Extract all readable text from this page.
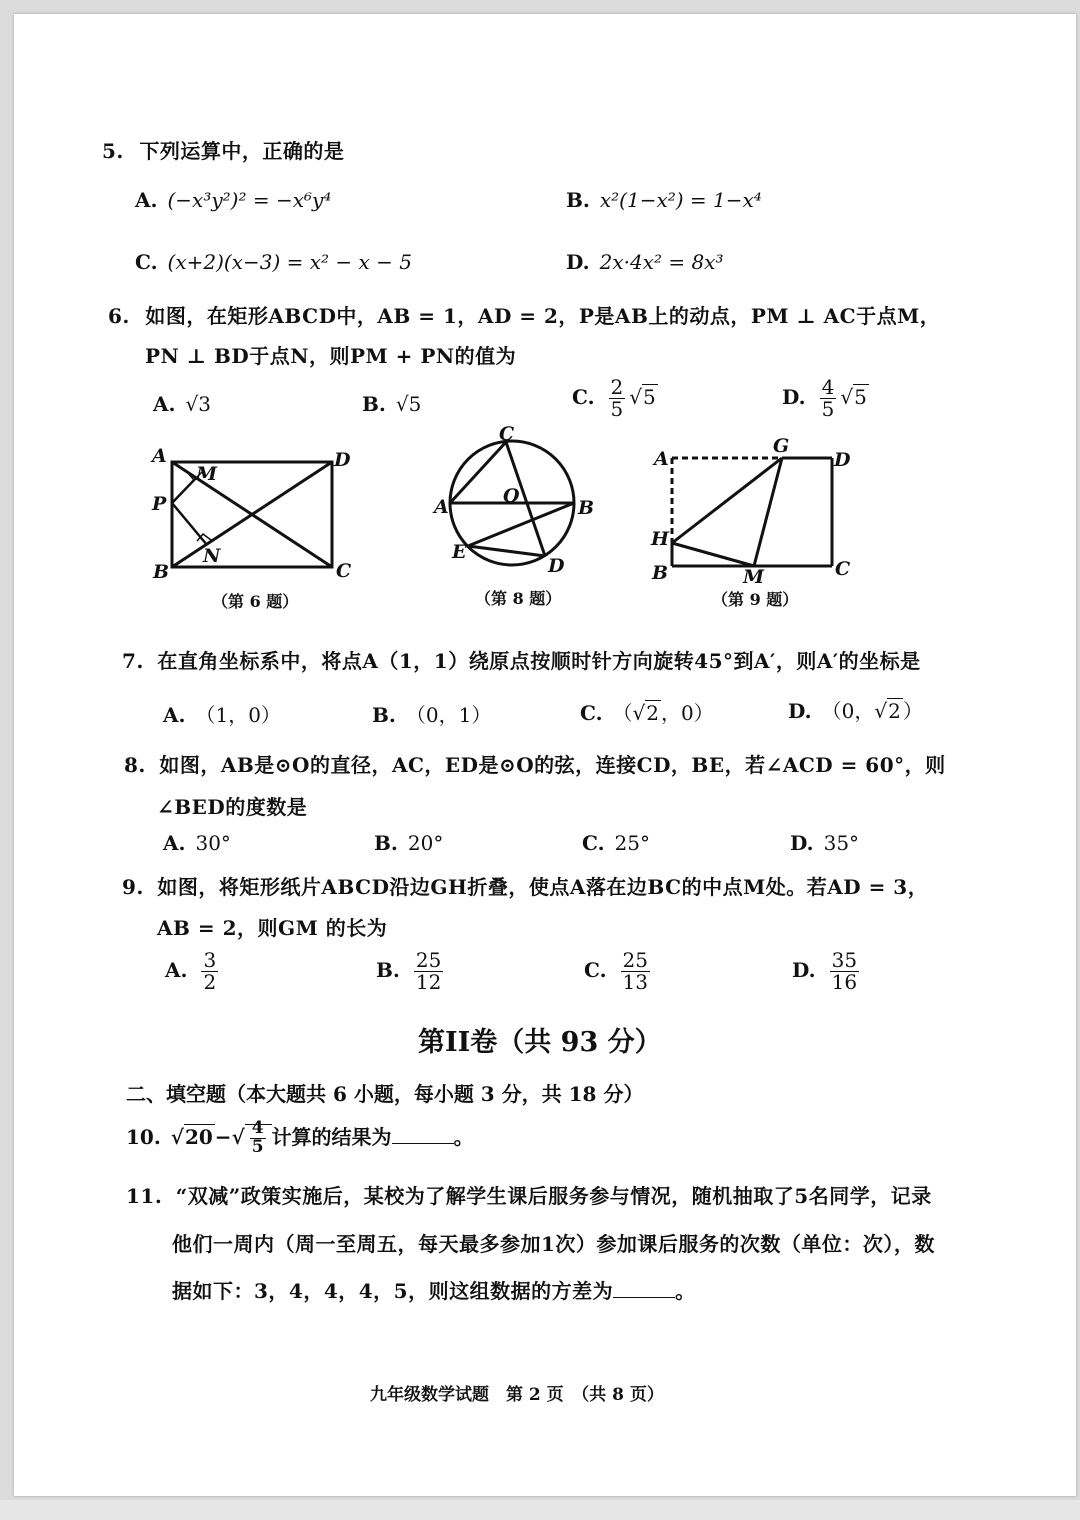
5. 下列运算中，正确的是
A. (−x³y²)² = −x⁶y⁴	B. x²(1−x²) = 1−x⁴
C. (x+2)(x−3) = x² − x − 5	D. 2x·4x² = 8x³
6. 如图，在矩形ABCD中，AB = 1，AD = 2，P是AB上的动点，PM ⊥ AC于点M，
PN ⊥ BD于点N，则PM + PN的值为
A. √3	B. √5	C. $\frac{2}{5} √5$	D. $\frac{4}{5} √5$
A
B	C
D
P
M
N
C
A	B
O
E
D
A
G
D
H
B	M	C
（第 6 题）	（第 8 题）	（第 9 题）
7. 在直角坐标系中，将点A（1，1）绕原点按顺时针方向旋转45°到A′，则A′的坐标是
A. （1，0）	B. （0，1）	C. （√2 ，0）	D. （0，√2 ）
8. 如图，AB是⊙O的直径，AC，ED是⊙O的弦，连接CD，BE，若∠ACD = 60°，则
∠BED的度数是
A. 30°	B. 20°	C. 25°	D. 35°
9. 如图，将矩形纸片ABCD沿边GH折叠，使点A落在边BC的中点M处。若AD = 3，
AB = 2，则GM 的长为
A. $\frac{3}{2}$	B. $\frac{25}{12}$	C. $\frac{25}{13}$	D. $\frac{35}{16}$
第II卷（共 93 分）
二、填空题（本大题共 6 小题，每小题 3 分，共 18 分）
10. √20 −√ $\frac{4}{5}$ 计算的结果为	。
11. “双减”政策实施后，某校为了解学生课后服务参与情况，随机抽取了5名同学，记录
他们一周内（周一至周五，每天最多参加1次）参加课后服务的次数（单位：次），数
据如下：3，4，4，4，5，则这组数据的方差为	。
九年级数学试题　第 2 页　（共 8 页）
